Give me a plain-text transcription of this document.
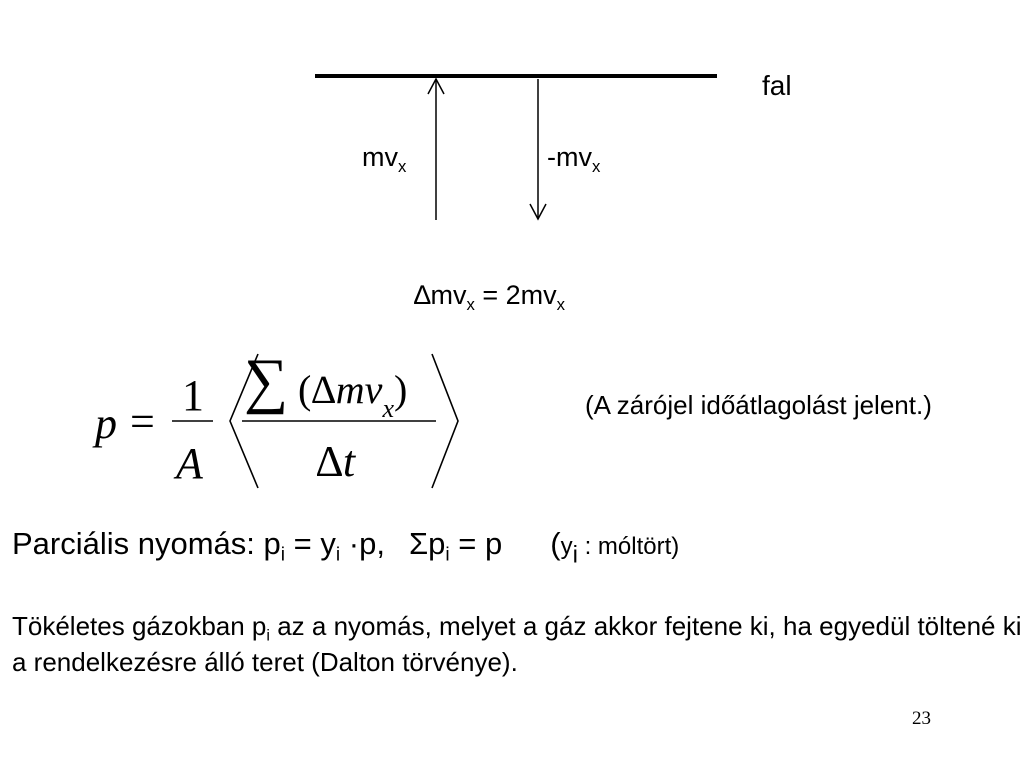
fal
$mv_x$	$-mv_x$
$\Delta mv_x = 2mv_x$
p =
1
A
∑ $(\Delta mv_x)$
∆t
(A zárójel időátlagolást jelent.)
Parciális nyomás: $p_i = y_i \cdot p$, $\Sigma p_i = p$ ($y_i$ : móltört)
Tökéletes gázokban $p_i$ az a nyomás, melyet a gáz akkor fejtene ki, ha egyedül töltené ki a rendelkezésre álló teret (Dalton törvénye).
23
